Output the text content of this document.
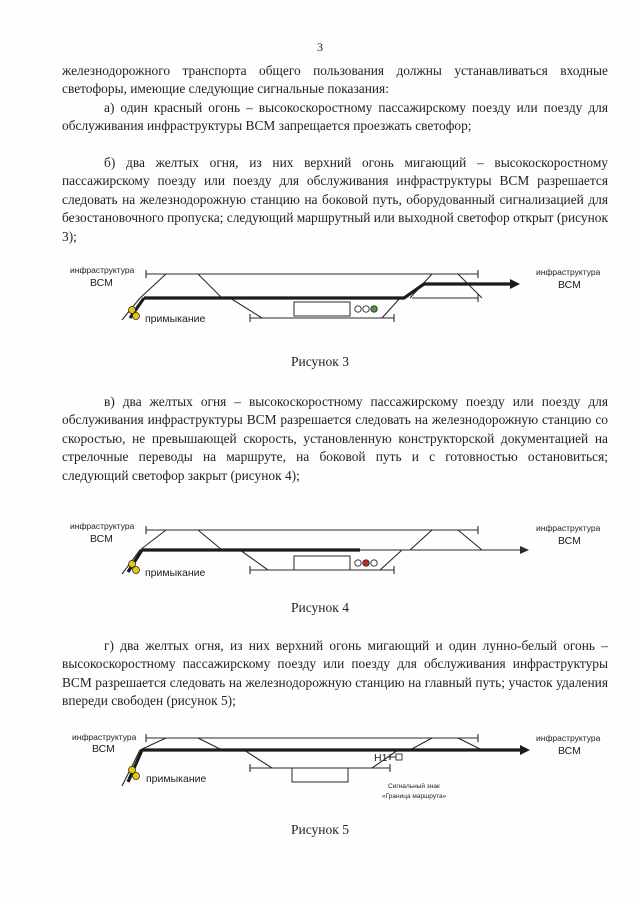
3
железнодорожного транспорта общего пользования должны устанавливаться входные светофоры, имеющие следующие сигнальные показания:
а) один красный огонь – высокоскоростному пассажирскому поезду или поезду для обслуживания инфраструктуры ВСМ запрещается проезжать светофор;
б) два желтых огня, из них верхний огонь мигающий – высокоскоростному пассажирскому поезду или поезду для обслуживания инфраструктуры ВСМ разрешается следовать на железнодорожную станцию на боковой путь, оборудованный сигнализацией для безостановочного пропуска; следующий маршрутный или выходной светофор открыт (рисунок 3);
инфраструктура
ВСМ
инфраструктура
ВСМ
примыкание
Рисунок 3
в) два желтых огня – высокоскоростному пассажирскому поезду или поезду для обслуживания инфраструктуры ВСМ разрешается следовать на железнодорожную станцию со скоростью, не превышающей скорость, установленную конструкторской документацией на стрелочные переводы на маршруте, на боковой путь и с готовностью остановиться; следующий светофор закрыт (рисунок 4);
инфраструктура
ВСМ
инфраструктура
ВСМ
примыкание
Рисунок 4
г) два желтых огня, из них верхний огонь мигающий и один лунно-белый огонь – высокоскоростному пассажирскому поезду или поезду для обслуживания инфраструктуры ВСМ разрешается следовать на железнодорожную станцию на главный путь; участок удаления впереди свободен (рисунок 5);
инфраструктура
ВСМ
инфраструктура
ВСМ
примыкание
Н1
Сигнальный знак
«Граница маршрута»
Рисунок 5
